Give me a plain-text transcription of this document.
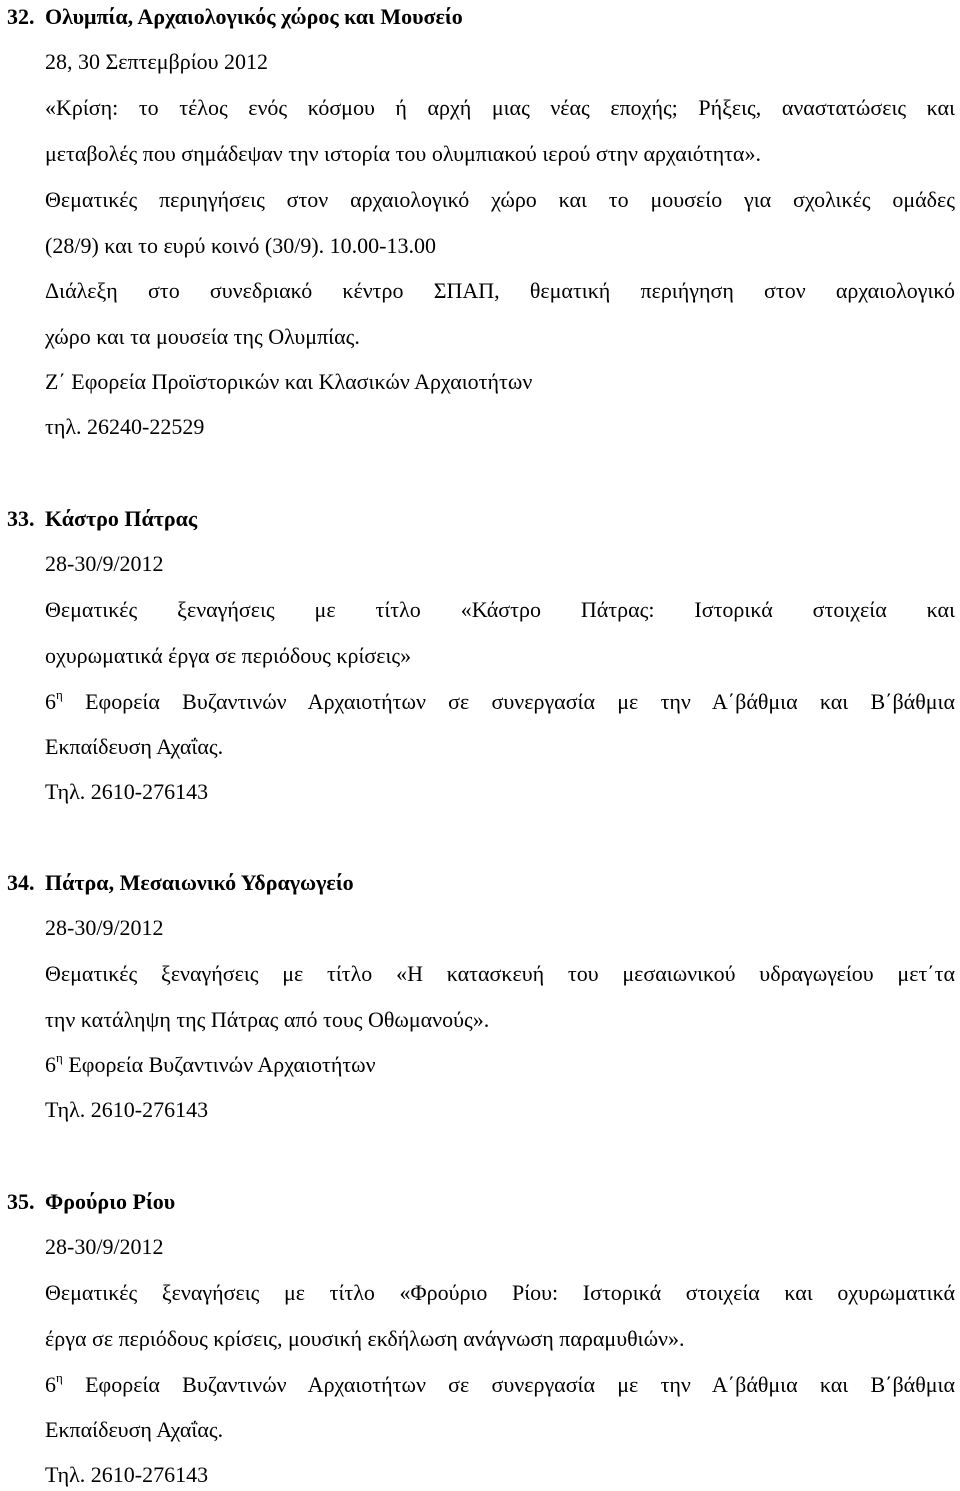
32. Ολυμπία, Αρχαιολογικός χώρος και Μουσείο
28, 30 Σεπτεμβρίου 2012
«Κρίση: το τέλος ενός κόσμου ή αρχή μιας νέας εποχής; Ρήξεις, αναστατώσεις και
μεταβολές που σημάδεψαν την ιστορία του ολυμπιακού ιερού στην αρχαιότητα».
Θεματικές περιηγήσεις στον αρχαιολογικό χώρο και το μουσείο για σχολικές ομάδες
(28/9) και το ευρύ κοινό (30/9). 10.00-13.00
Διάλεξη στο συνεδριακό κέντρο ΣΠΑΠ, θεματική περιήγηση στον αρχαιολογικό
χώρο και τα μουσεία της Ολυμπίας.
Ζ΄ Εφορεία Προϊστορικών και Κλασικών Αρχαιοτήτων
τηλ. 26240-22529
33. Κάστρο Πάτρας
28-30/9/2012
Θεματικές ξεναγήσεις με τίτλο «Κάστρο Πάτρας: Ιστορικά στοιχεία και
οχυρωματικά έργα σε περιόδους κρίσεις»
$6^\eta$ Εφορεία Βυζαντινών Αρχαιοτήτων σε συνεργασία με την Α΄βάθμια και Β΄βάθμια
Εκπαίδευση Αχαΐας.
Τηλ. 2610-276143
34. Πάτρα, Μεσαιωνικό Υδραγωγείο
28-30/9/2012
Θεματικές ξεναγήσεις με τίτλο «Η κατασκευή του μεσαιωνικού υδραγωγείου μετ΄τα
την κατάληψη της Πάτρας από τους Οθωμανούς».
$6^\eta$ Εφορεία Βυζαντινών Αρχαιοτήτων
Τηλ. 2610-276143
35. Φρούριο Ρίου
28-30/9/2012
Θεματικές ξεναγήσεις με τίτλο «Φρούριο Ρίου: Ιστορικά στοιχεία και οχυρωματικά
έργα σε περιόδους κρίσεις, μουσική εκδήλωση ανάγνωση παραμυθιών».
$6^\eta$ Εφορεία Βυζαντινών Αρχαιοτήτων σε συνεργασία με την Α΄βάθμια και Β΄βάθμια
Εκπαίδευση Αχαΐας.
Τηλ. 2610-276143
